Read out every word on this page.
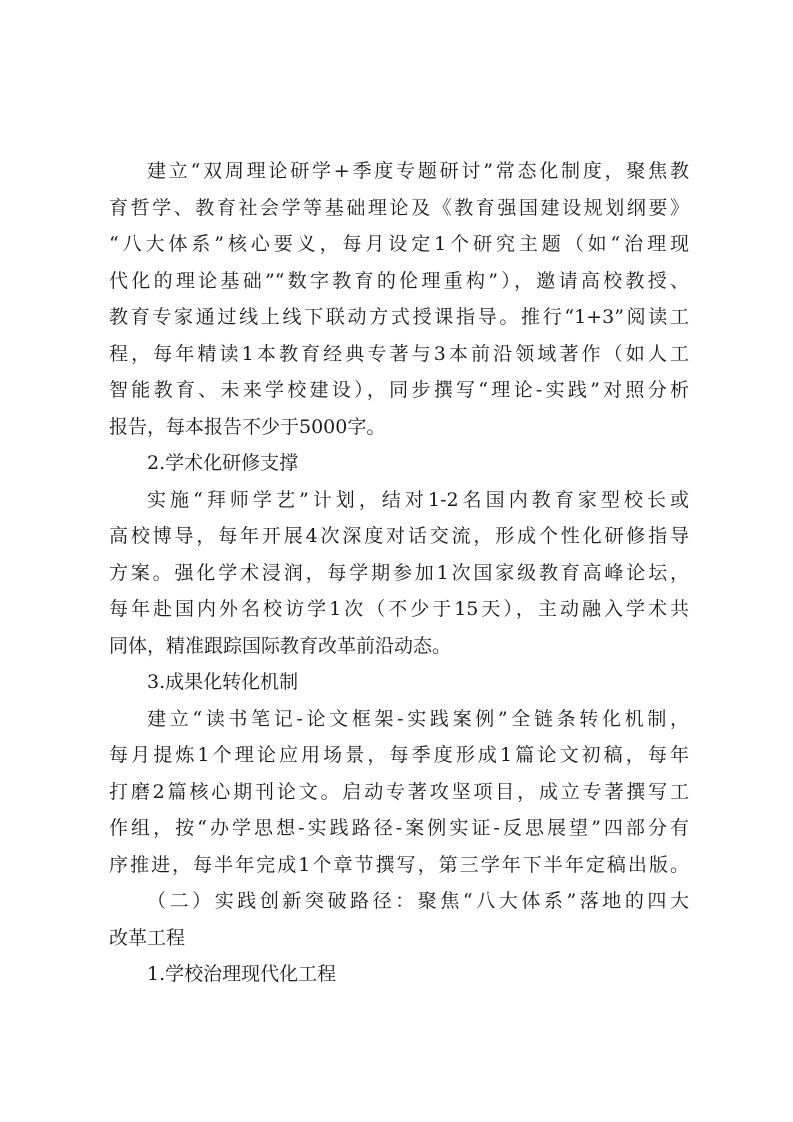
建立“双周理论研学+季度专题研讨”常态化制度，聚焦教
育哲学、教育社会学等基础理论及《教育强国建设规划纲要》
“八大体系”核心要义，每月设定1个研究主题（如“治理现
代化的理论基础”“数字教育的伦理重构”），邀请高校教授、
教育专家通过线上线下联动方式授课指导。推行“1+3”阅读工
程，每年精读1本教育经典专著与3本前沿领域著作（如人工
智能教育、未来学校建设），同步撰写“理论-实践”对照分析
报告，每本报告不少于5000字。
2.学术化研修支撑
实施“拜师学艺”计划，结对1-2名国内教育家型校长或
高校博导，每年开展4次深度对话交流，形成个性化研修指导
方案。强化学术浸润，每学期参加1次国家级教育高峰论坛，
每年赴国内外名校访学1次（不少于15天），主动融入学术共
同体，精准跟踪国际教育改革前沿动态。
3.成果化转化机制
建立“读书笔记-论文框架-实践案例”全链条转化机制，
每月提炼1个理论应用场景，每季度形成1篇论文初稿，每年
打磨2篇核心期刊论文。启动专著攻坚项目，成立专著撰写工
作组，按“办学思想-实践路径-案例实证-反思展望”四部分有
序推进，每半年完成1个章节撰写，第三学年下半年定稿出版。
（二）实践创新突破路径：聚焦“八大体系”落地的四大
改革工程
1.学校治理现代化工程
